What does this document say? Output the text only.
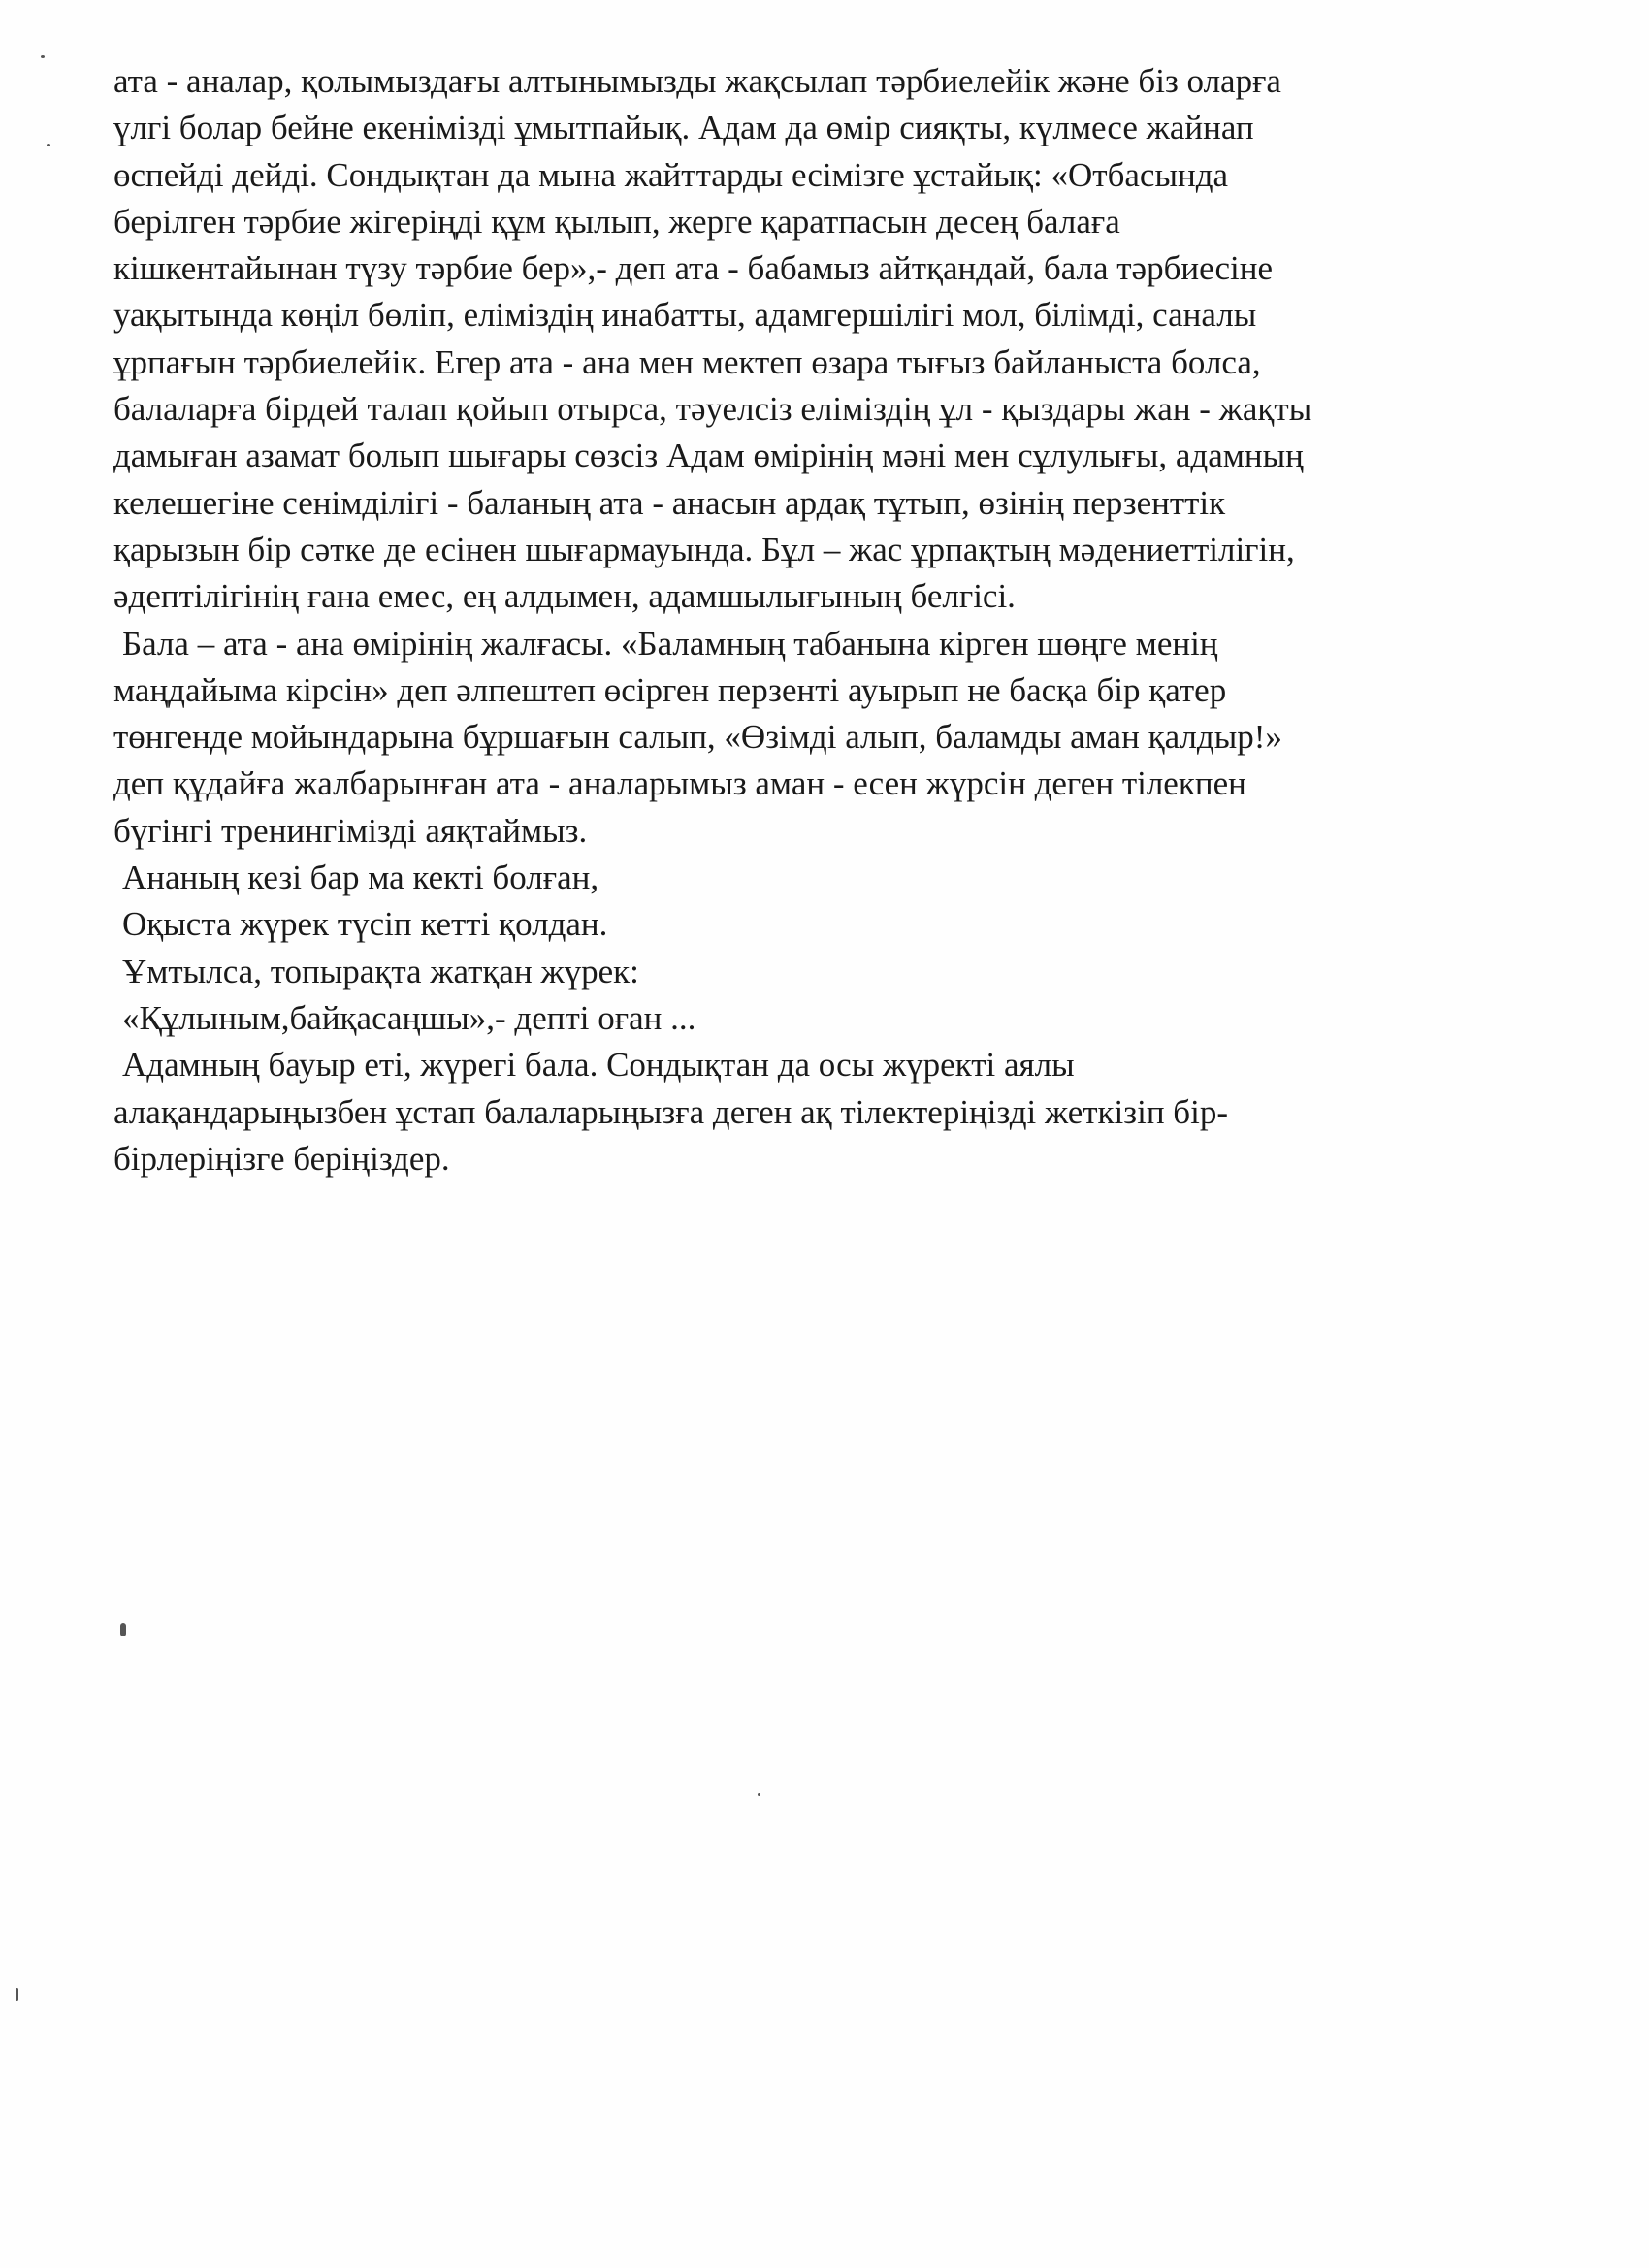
ата - аналар, қолымыздағы алтынымызды жақсылап тәрбиелейік және біз оларға
үлгі болар бейне екенімізді ұмытпайық. Адам да өмір сияқты, күлмесе жайнап
өспейді дейді. Сондықтан да мына жайттарды есімізге ұстайық: «Отбасында
берілген тәрбие жігеріңді құм қылып, жерге қаратпасын десең балаға
кішкентайынан түзу тәрбие бер»,- деп ата - бабамыз айтқандай, бала тәрбиесіне
уақытында көңіл бөліп, еліміздің инабатты, адамгершілігі мол, білімді, саналы
ұрпағын тәрбиелейік. Егер ата - ана мен мектеп өзара тығыз байланыста болса,
балаларға бірдей талап қойып отырса, тәуелсіз еліміздің ұл - қыздары жан - жақты
дамыған азамат болып шығары сөзсіз Адам өмірінің мәні мен сұлулығы, адамның
келешегіне сенімділігі - баланың ата - анасын ардақ тұтып, өзінің перзенттік
қарызын бір сәтке де есінен шығармауында. Бұл – жас ұрпақтың мәдениеттілігін,
әдептілігінің ғана емес, ең алдымен, адамшылығының белгісі.
Бала – ата - ана өмірінің жалғасы. «Баламның табанына кірген шөңге менің
маңдайыма кірсін» деп әлпештеп өсірген перзенті ауырып не басқа бір қатер
төнгенде мойындарына бұршағын салып, «Өзімді алып, баламды аман қалдыр!»
деп құдайға жалбарынған ата - аналарымыз аман - есен жүрсін деген тілекпен
бүгінгі тренингімізді аяқтаймыз.
Ананың кезі бар ма кекті болған,
Оқыста жүрек түсіп кетті қолдан.
Ұмтылса, топырақта жатқан жүрек:
«Құлыным,байқасаңшы»,- депті оған ...
Адамның бауыр еті, жүрегі бала. Сондықтан да осы жүректі аялы
алақандарыңызбен ұстап балаларыңызға деген ақ тілектеріңізді жеткізіп бір-
бірлеріңізге беріңіздер.
